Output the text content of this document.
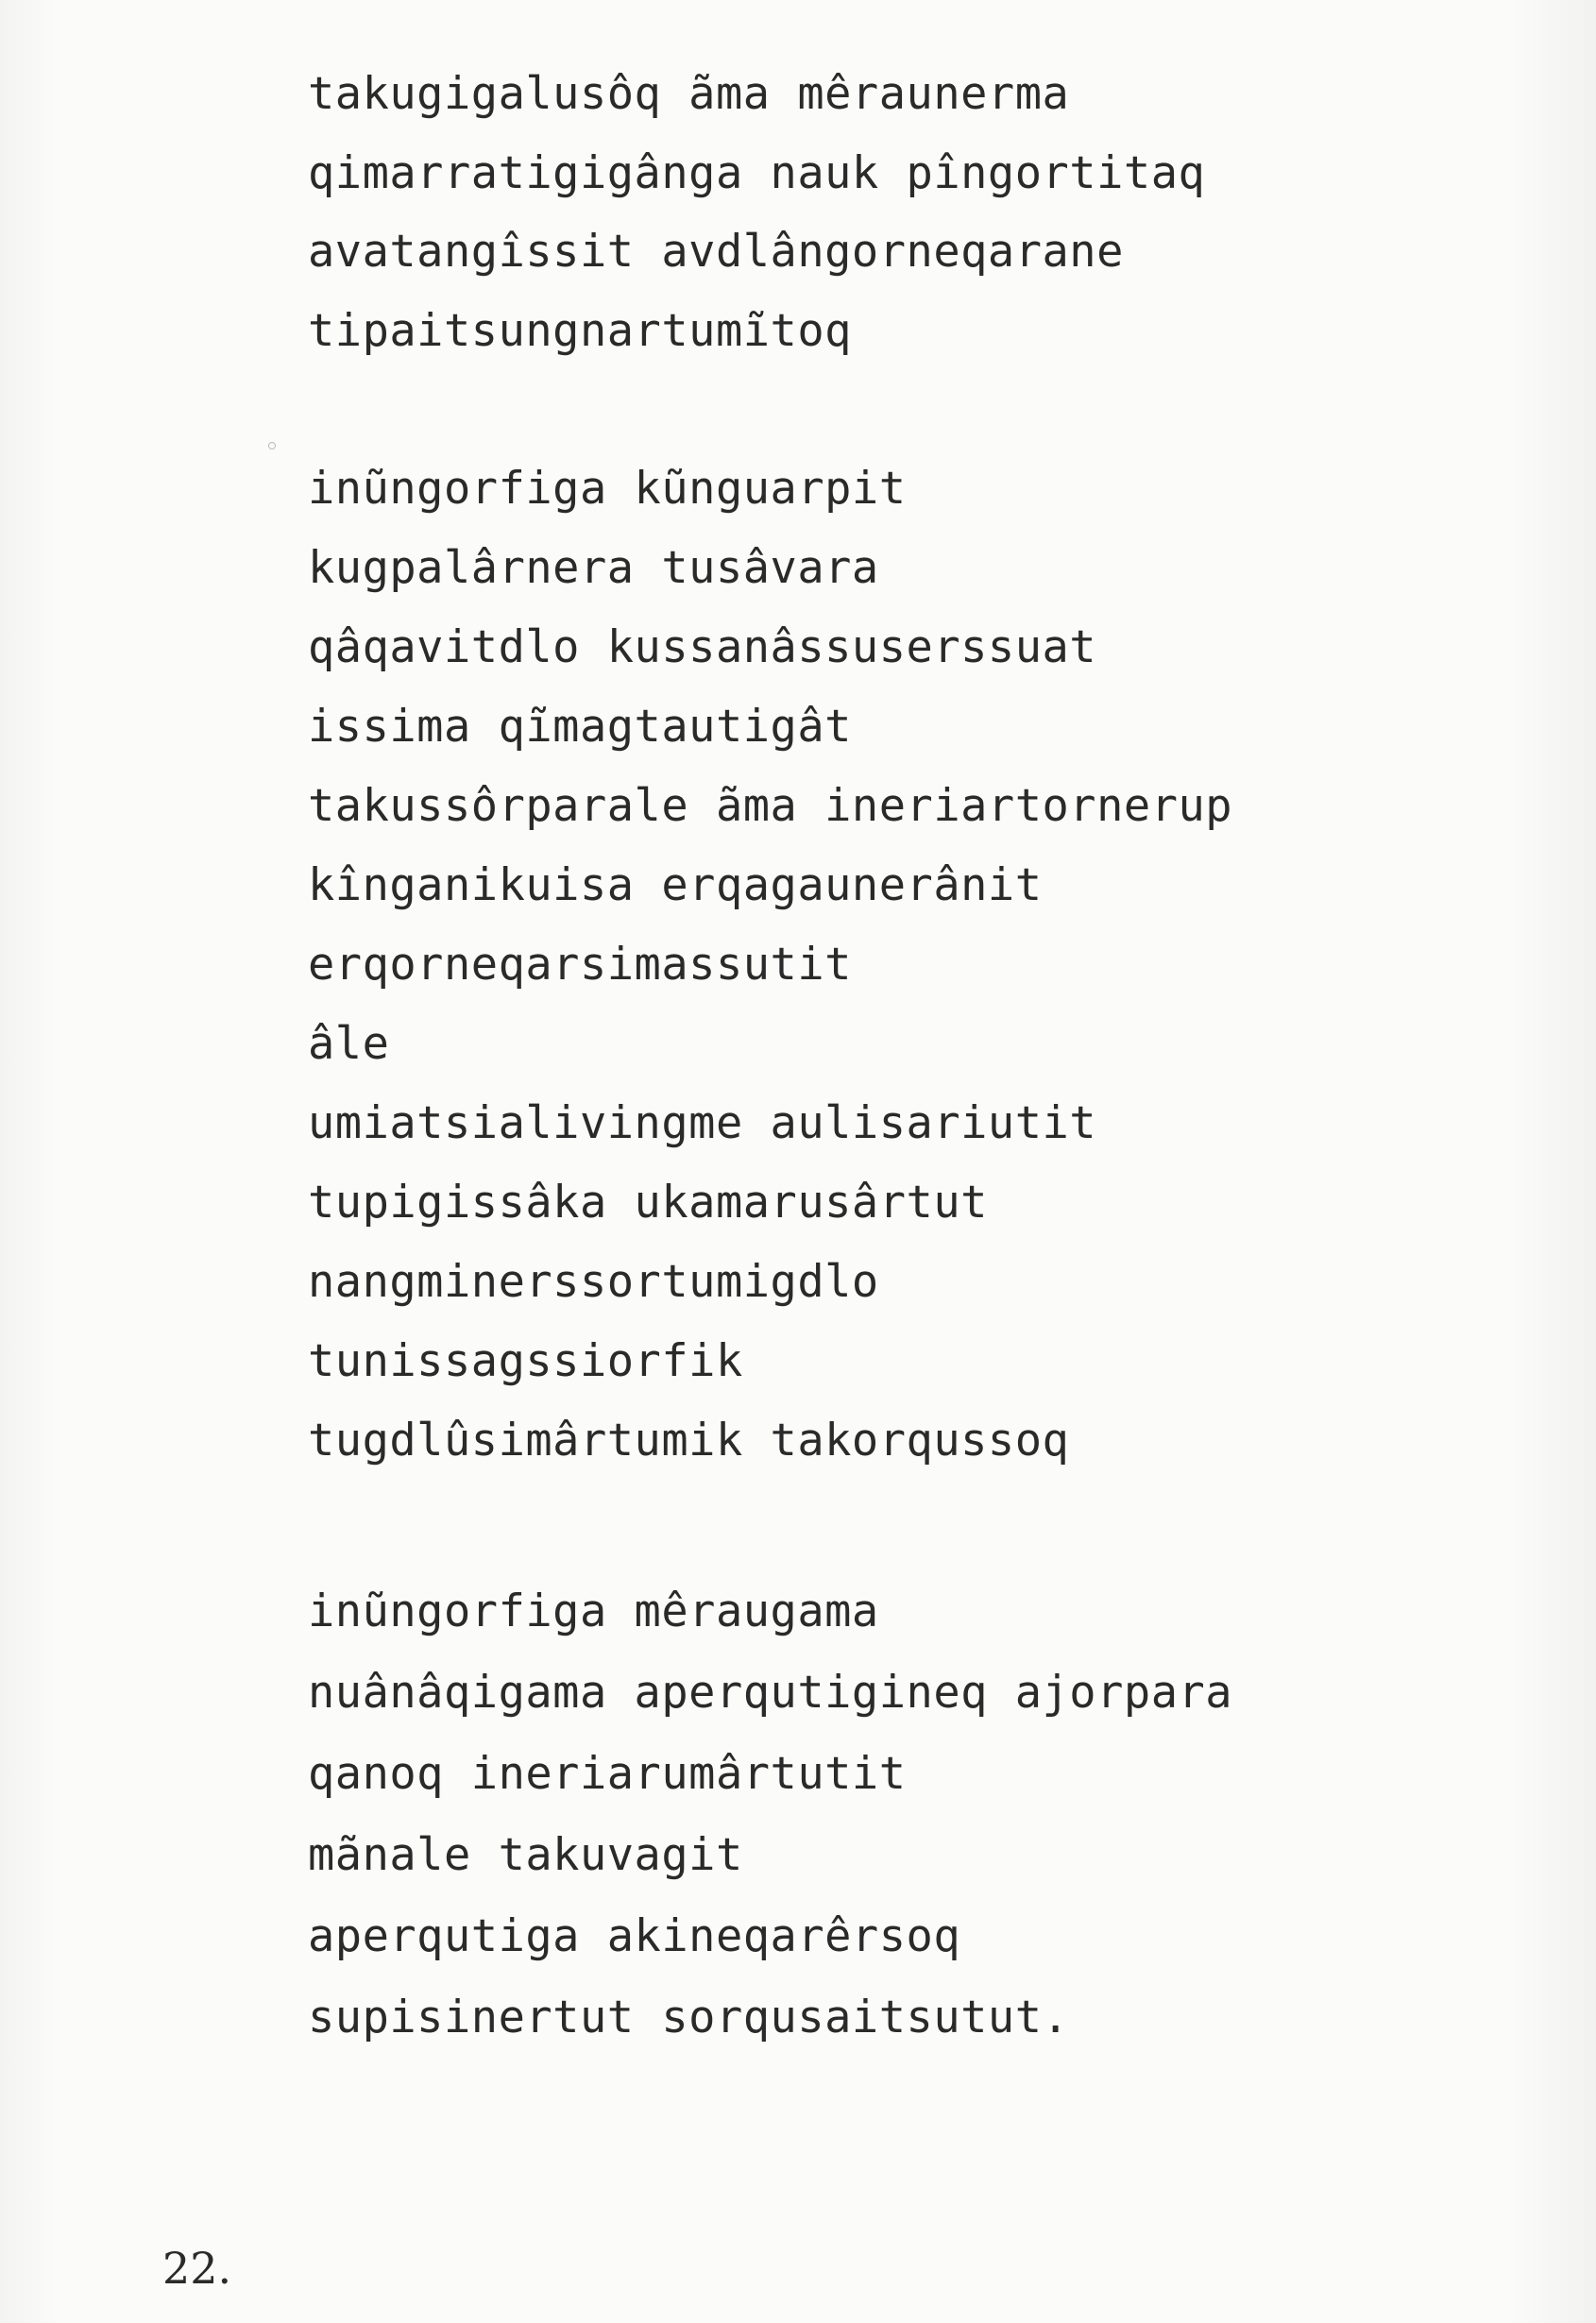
takugigalusôq ãma mêraunerma
qimarratigigânga nauk pîngortitaq
avatangîssit avdlângorneqarane
tipaitsungnartumĩtoq
inũngorfiga kũnguarpit
kugpalârnera tusâvara
qâqavitdlo kussanâssuserssuat
issima qĩmagtautigât
takussôrparale ãma ineriartornerup
kînganikuisa erqagaunerânit
erqorneqarsimassutit
âle
umiatsialivingme aulisariutit
tupigissâka ukamarusârtut
nangminerssortumigdlo
tunissagssiorfik
tugdlûsimârtumik takorqussoq
inũngorfiga mêraugama
nuânâqigama aperqutigineq ajorpara
qanoq ineriarumârtutit
mãnale takuvagit
aperqutiga akineqarêrsoq
supisinertut sorqusaitsutut.
22.
